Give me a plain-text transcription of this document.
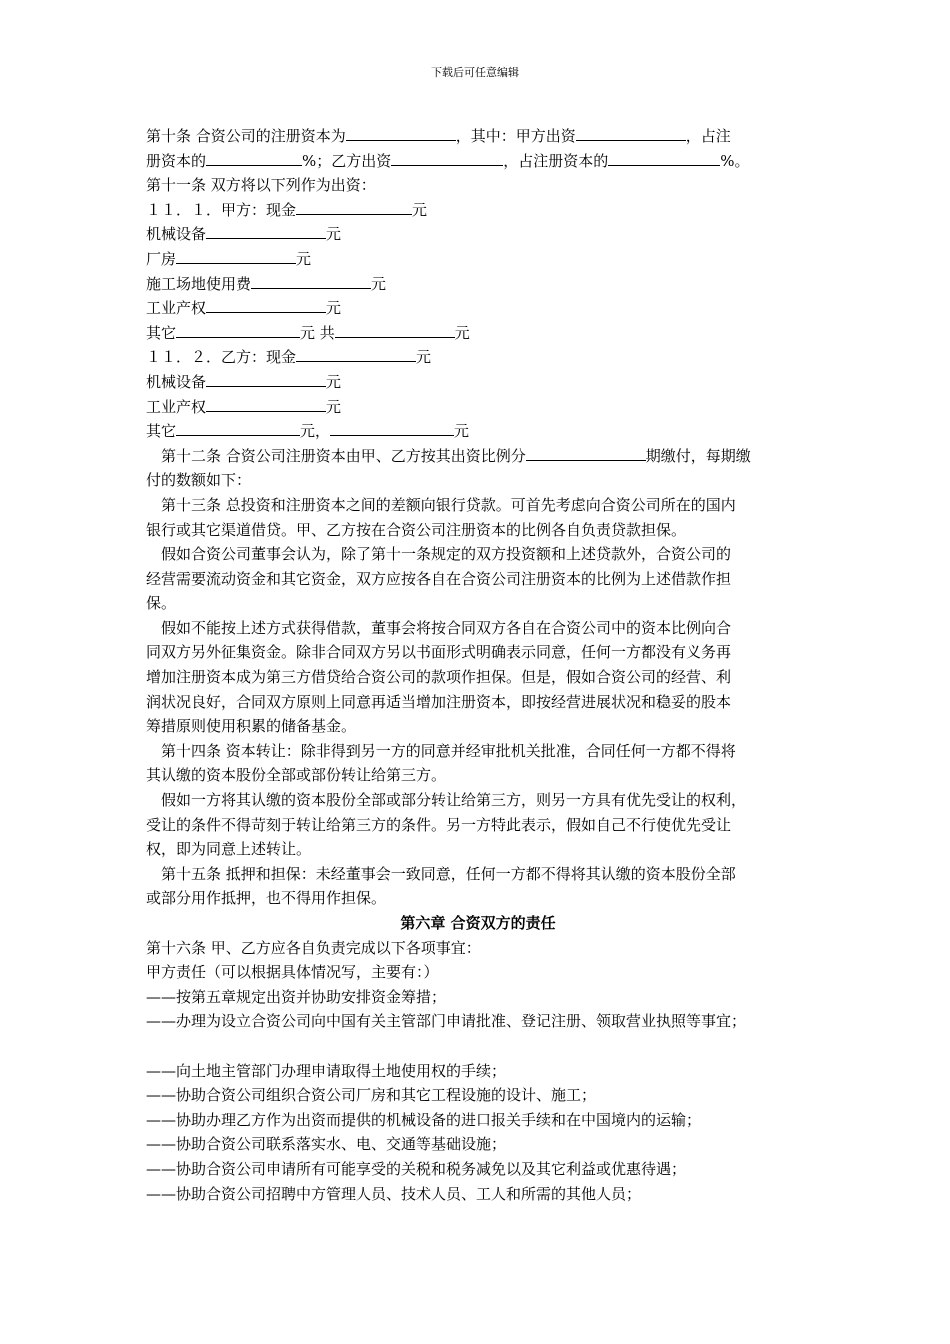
下载后可任意编辑
第十条 合资公司的注册资本为	，其中：甲方出资	，占注
册资本的	%；乙方出资	，占注册资本的	%。
第十一条 双方将以下列作为出资：
１１．１．甲方：现金	元
机械设备	元
厂房	元
施工场地使用费	元
工业产权	元
其它	元 共	元
１１．２．乙方：现金	元
机械设备	元
工业产权	元
其它	元，	元
第十二条 合资公司注册资本由甲、乙方按其出资比例分	期缴付，每期缴
付的数额如下：
第十三条 总投资和注册资本之间的差额向银行贷款。可首先考虑向合资公司所在的国内
银行或其它渠道借贷。甲、乙方按在合资公司注册资本的比例各自负责贷款担保。
假如合资公司董事会认为，除了第十一条规定的双方投资额和上述贷款外，合资公司的
经营需要流动资金和其它资金，双方应按各自在合资公司注册资本的比例为上述借款作担
保。
假如不能按上述方式获得借款，董事会将按合同双方各自在合资公司中的资本比例向合
同双方另外征集资金。除非合同双方另以书面形式明确表示同意，任何一方都没有义务再
增加注册资本成为第三方借贷给合资公司的款项作担保。但是，假如合资公司的经营、利
润状况良好，合同双方原则上同意再适当增加注册资本，即按经营进展状况和稳妥的股本
筹措原则使用积累的储备基金。
第十四条 资本转让：除非得到另一方的同意并经审批机关批准，合同任何一方都不得将
其认缴的资本股份全部或部份转让给第三方。
假如一方将其认缴的资本股份全部或部分转让给第三方，则另一方具有优先受让的权利，
受让的条件不得苛刻于转让给第三方的条件。另一方特此表示，假如自己不行使优先受让
权，即为同意上述转让。
第十五条 抵押和担保：未经董事会一致同意，任何一方都不得将其认缴的资本股份全部
或部分用作抵押，也不得用作担保。
第六章 合资双方的责任
第十六条 甲、乙方应各自负责完成以下各项事宜：
甲方责任（可以根据具体情况写，主要有：）
——按第五章规定出资并协助安排资金筹措；
——办理为设立合资公司向中国有关主管部门申请批准、登记注册、领取营业执照等事宜；
——向土地主管部门办理申请取得土地使用权的手续；
——协助合资公司组织合资公司厂房和其它工程设施的设计、施工；
——协助办理乙方作为出资而提供的机械设备的进口报关手续和在中国境内的运输；
——协助合资公司联系落实水、电、交通等基础设施；
——协助合资公司申请所有可能享受的关税和税务减免以及其它利益或优惠待遇；
——协助合资公司招聘中方管理人员、技术人员、工人和所需的其他人员；
